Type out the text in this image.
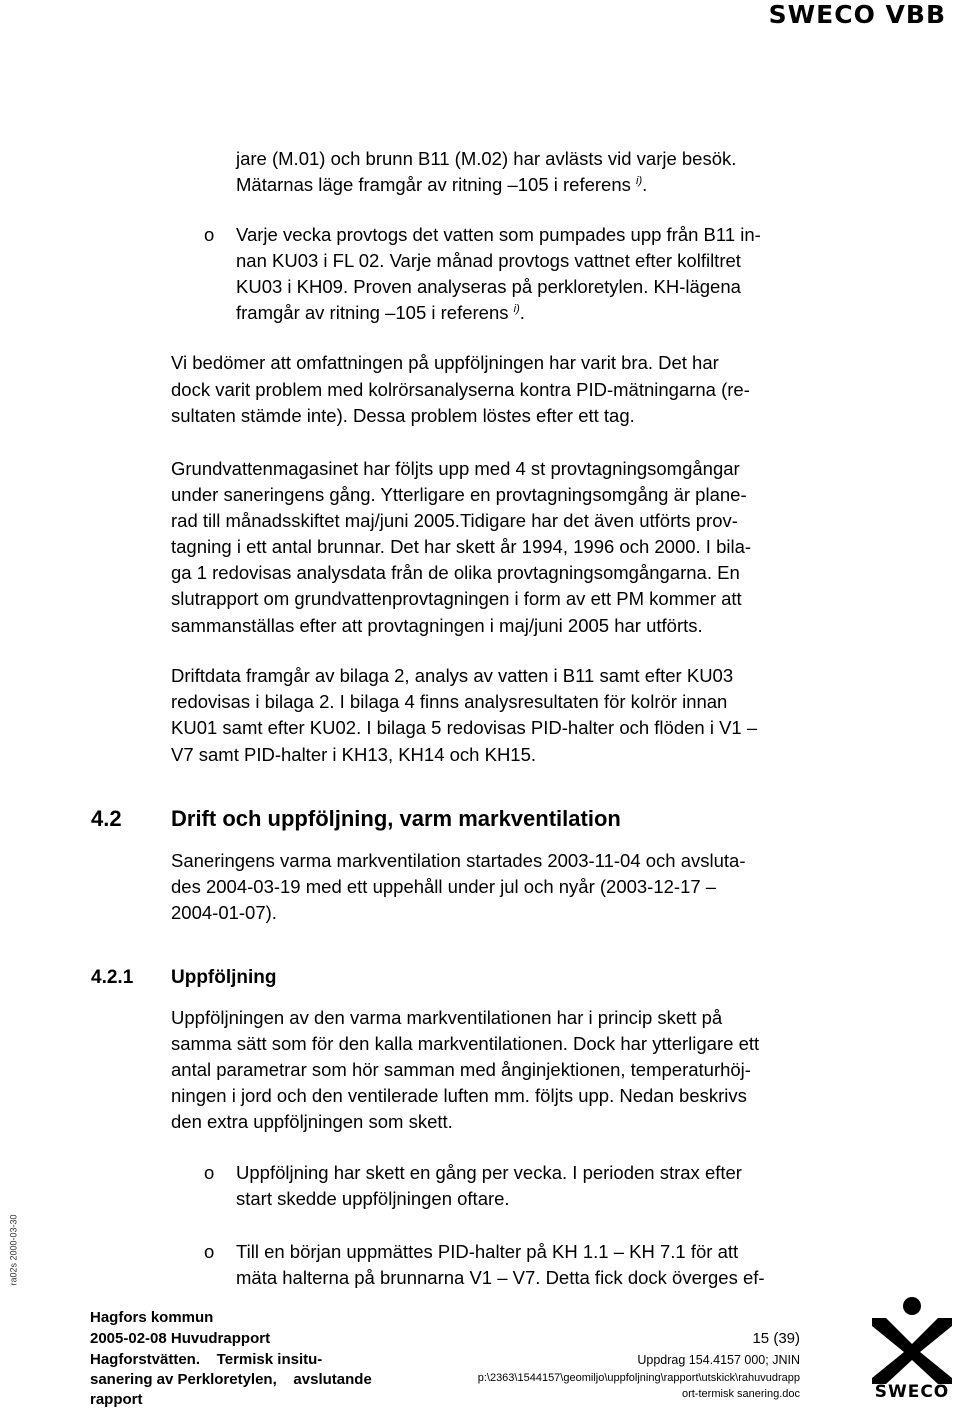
SWECO VBB
ra02s 2000-03-30
jare (M.01) och brunn B11 (M.02) har avlästs vid varje besök.
Mätarnas läge framgår av ritning –105 i referens $^{i)}$.
o Varje vecka provtogs det vatten som pumpades upp från B11 in-
nan KU03 i FL 02. Varje månad provtogs vattnet efter kolfiltret
KU03 i KH09. Proven analyseras på perkloretylen. KH-lägena
framgår av ritning –105 i referens $^{i)}$.
Vi bedömer att omfattningen på uppföljningen har varit bra. Det har
dock varit problem med kolrörsanalyserna kontra PID-mätningarna (re-
sultaten stämde inte). Dessa problem löstes efter ett tag.
Grundvattenmagasinet har följts upp med 4 st provtagningsomgångar
under saneringens gång. Ytterligare en provtagningsomgång är plane-
rad till månadsskiftet maj/juni 2005.Tidigare har det även utförts prov-
tagning i ett antal brunnar. Det har skett år 1994, 1996 och 2000. I bila-
ga 1 redovisas analysdata från de olika provtagningsomgångarna. En
slutrapport om grundvattenprovtagningen i form av ett PM kommer att
sammanställas efter att provtagningen i maj/juni 2005 har utförts.
Driftdata framgår av bilaga 2, analys av vatten i B11 samt efter KU03
redovisas i bilaga 2. I bilaga 4 finns analysresultaten för kolrör innan
KU01 samt efter KU02. I bilaga 5 redovisas PID-halter och flöden i V1 –
V7 samt PID-halter i KH13, KH14 och KH15.
4.2 Drift och uppföljning, varm markventilation
Saneringens varma markventilation startades 2003-11-04 och avsluta-
des 2004-03-19 med ett uppehåll under jul och nyår (2003-12-17 –
2004-01-07).
4.2.1 Uppföljning
Uppföljningen av den varma markventilationen har i princip skett på
samma sätt som för den kalla markventilationen. Dock har ytterligare ett
antal parametrar som hör samman med ånginjektionen, temperaturhöj-
ningen i jord och den ventilerade luften mm. följts upp. Nedan beskrivs
den extra uppföljningen som skett.
o Uppföljning har skett en gång per vecka. I perioden strax efter
start skedde uppföljningen oftare.
o Till en början uppmättes PID-halter på KH 1.1 – KH 7.1 för att
mäta halterna på brunnarna V1 – V7. Detta fick dock överges ef-
Hagfors kommun
2005-02-08 Huvudrapport
Hagforstvätten.    Termisk insitu-
sanering av Perkloretylen,    avslutande
rapport
15 (39)
Uppdrag 154.4157 000; JNIN
p:\2363\1544157\geomiljo\uppfoljning\rapport\utskick\rahuvudrapp
ort-termisk sanering.doc	SWECO
